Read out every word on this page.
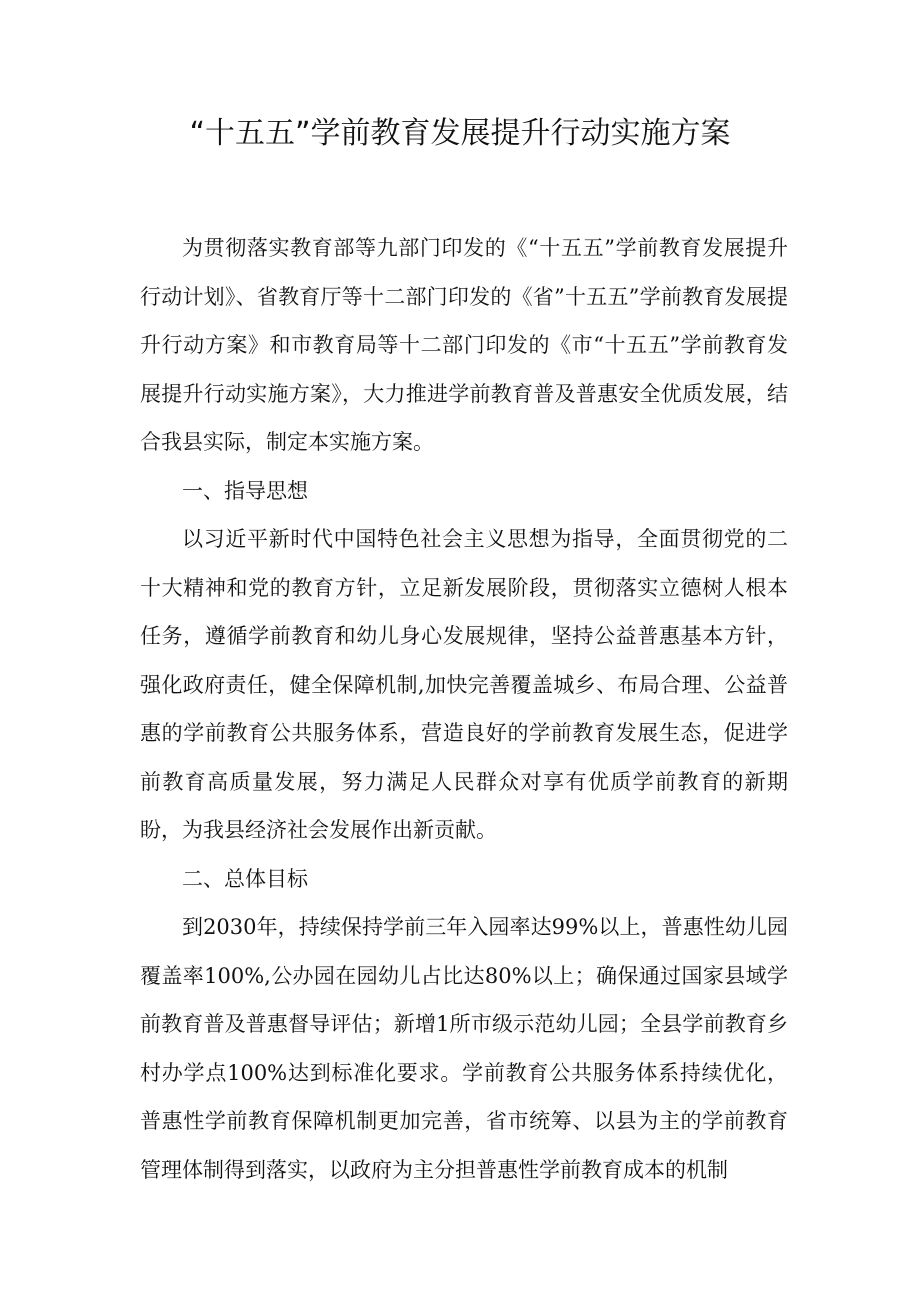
“十五五”学前教育发展提升行动实施方案

为贯彻落实教育部等九部门印发的《“十五五”学前教育发展提升行动计划》、省教育厅等十二部门印发的《省”十五五”学前教育发展提升行动方案》和市教育局等十二部门印发的《市“十五五”学前教育发展提升行动实施方案》，大力推进学前教育普及普惠安全优质发展，结合我县实际，制定本实施方案。

一、指导思想

以习近平新时代中国特色社会主义思想为指导，全面贯彻党的二十大精神和党的教育方针，立足新发展阶段，贯彻落实立德树人根本任务，遵循学前教育和幼儿身心发展规律，坚持公益普惠基本方针，强化政府责任，健全保障机制,加快完善覆盖城乡、布局合理、公益普惠的学前教育公共服务体系，营造良好的学前教育发展生态，促进学前教育高质量发展，努力满足人民群众对享有优质学前教育的新期盼，为我县经济社会发展作出新贡献。

二、总体目标

到2030年，持续保持学前三年入园率达99%以上，普惠性幼儿园覆盖率100%,公办园在园幼儿占比达80%以上；确保通过国家县域学前教育普及普惠督导评估；新增1所市级示范幼儿园；全县学前教育乡村办学点100%达到标准化要求。学前教育公共服务体系持续优化，普惠性学前教育保障机制更加完善，省市统筹、以县为主的学前教育管理体制得到落实，以政府为主分担普惠性学前教育成本的机制
